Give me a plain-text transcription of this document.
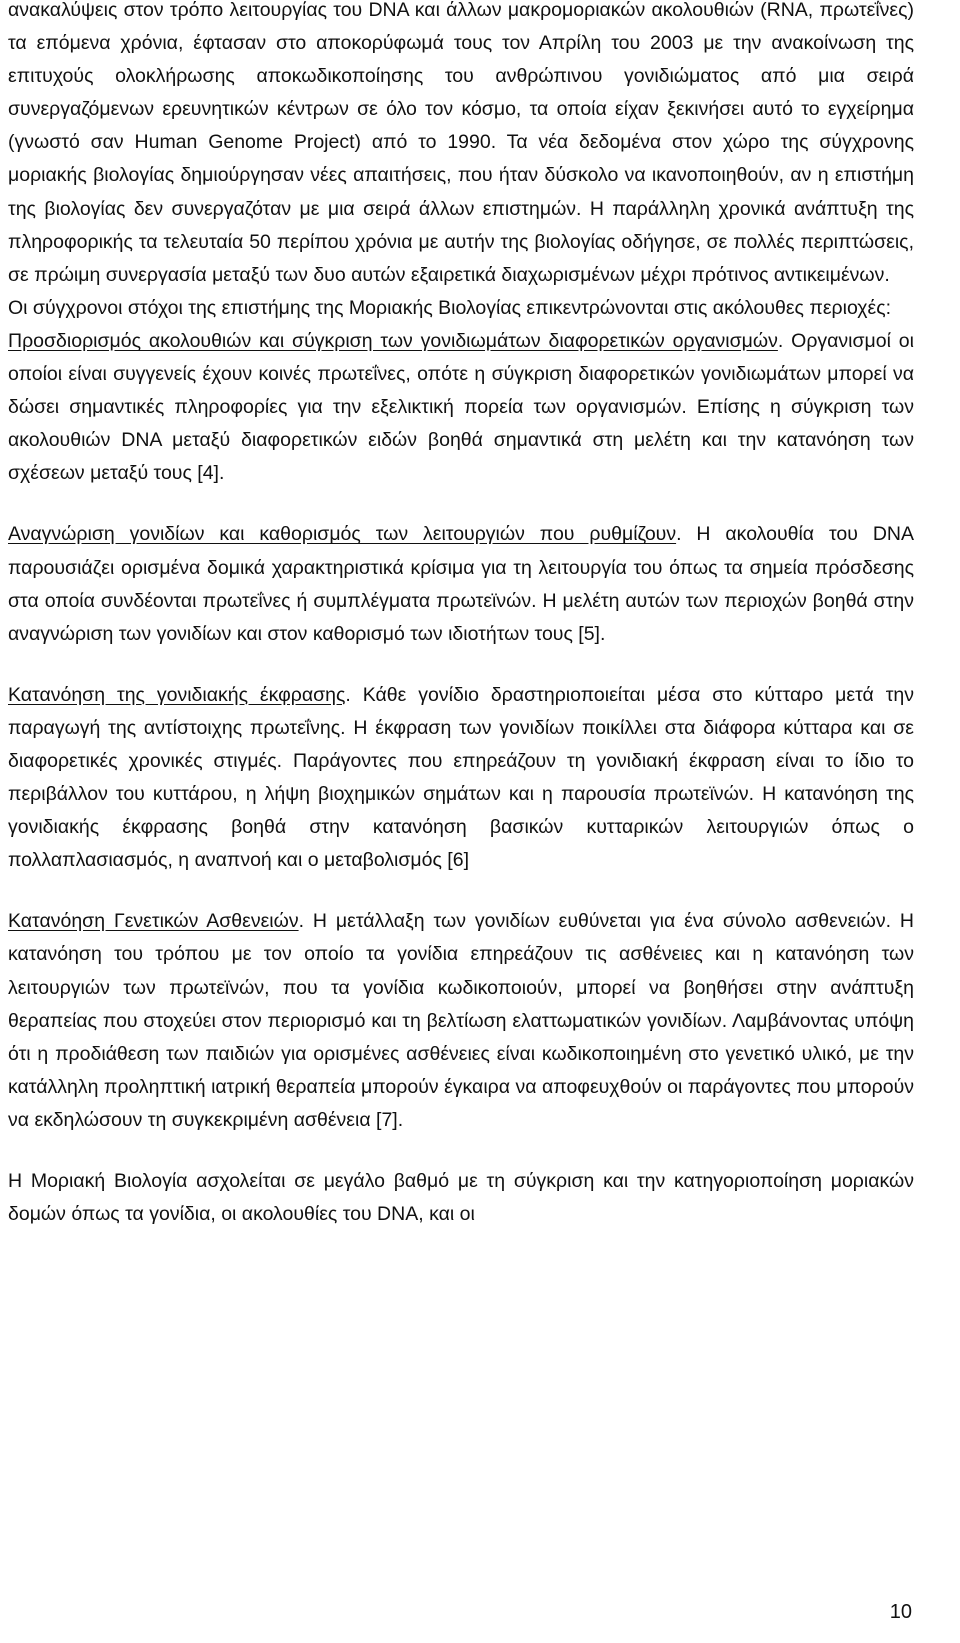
ανακαλύψεις στον τρόπο λειτουργίας του DNA και άλλων μακρομοριακών ακολουθιών (RNA, πρωτεΐνες) τα επόμενα χρόνια, έφτασαν στο αποκορύφωμά τους τον Απρίλη του 2003 με την ανακοίνωση της επιτυχούς ολοκλήρωσης αποκωδικοποίησης του ανθρώπινου γονιδιώματος από μια σειρά συνεργαζόμενων ερευνητικών κέντρων σε όλο τον κόσμο, τα οποία είχαν ξεκινήσει αυτό το εγχείρημα (γνωστό σαν Human Genome Project) από το 1990. Τα νέα δεδομένα στον χώρο της σύγχρονης μοριακής βιολογίας δημιούργησαν νέες απαιτήσεις, που ήταν δύσκολο να ικανοποιηθούν, αν η επιστήμη της βιολογίας δεν συνεργαζόταν με μια σειρά άλλων επιστημών. Η παράλληλη χρονικά ανάπτυξη της πληροφορικής τα τελευταία 50 περίπου χρόνια με αυτήν της βιολογίας οδήγησε, σε πολλές περιπτώσεις, σε πρώιμη συνεργασία μεταξύ των δυο αυτών εξαιρετικά διαχωρισμένων μέχρι πρότινος αντικειμένων.

Οι σύγχρονοι στόχοι της επιστήμης της Μοριακής Βιολογίας επικεντρώνονται στις ακόλουθες περιοχές:

Προσδιορισμός ακολουθιών και σύγκριση των γονιδιωμάτων διαφορετικών οργανισμών. Οργανισμοί οι οποίοι είναι συγγενείς έχουν κοινές πρωτεΐνες, οπότε η σύγκριση διαφορετικών γονιδιωμάτων μπορεί να δώσει σημαντικές πληροφορίες για την εξελικτική πορεία των οργανισμών. Επίσης η σύγκριση των ακολουθιών DNA μεταξύ διαφορετικών ειδών βοηθά σημαντικά στη μελέτη και την κατανόηση των σχέσεων μεταξύ τους [4].

Αναγνώριση γονιδίων και καθορισμός των λειτουργιών που ρυθμίζουν. Η ακολουθία του DNA παρουσιάζει ορισμένα δομικά χαρακτηριστικά κρίσιμα για τη λειτουργία του όπως τα σημεία πρόσδεσης στα οποία συνδέονται πρωτεΐνες ή συμπλέγματα πρωτεϊνών. Η μελέτη αυτών των περιοχών βοηθά στην αναγνώριση των γονιδίων και στον καθορισμό των ιδιοτήτων τους [5].

Κατανόηση της γονιδιακής έκφρασης. Κάθε γονίδιο δραστηριοποιείται μέσα στο κύτταρο μετά την παραγωγή της αντίστοιχης πρωτεΐνης. Η έκφραση των γονιδίων ποικίλλει στα διάφορα κύτταρα και σε διαφορετικές χρονικές στιγμές. Παράγοντες που επηρεάζουν τη γονιδιακή έκφραση είναι το ίδιο το περιβάλλον του κυττάρου, η λήψη βιοχημικών σημάτων και η παρουσία πρωτεϊνών. Η κατανόηση της γονιδιακής έκφρασης βοηθά στην κατανόηση βασικών κυτταρικών λειτουργιών όπως ο πολλαπλασιασμός, η αναπνοή και ο μεταβολισμός [6]

Κατανόηση Γενετικών Ασθενειών. Η μετάλλαξη των γονιδίων ευθύνεται για ένα σύνολο ασθενειών. Η κατανόηση του τρόπου με τον οποίο τα γονίδια επηρεάζουν τις ασθένειες και η κατανόηση των λειτουργιών των πρωτεϊνών, που τα γονίδια κωδικοποιούν, μπορεί να βοηθήσει στην ανάπτυξη θεραπείας που στοχεύει στον περιορισμό και τη βελτίωση ελαττωματικών γονιδίων. Λαμβάνοντας υπόψη ότι η προδιάθεση των παιδιών για ορισμένες ασθένειες είναι κωδικοποιημένη στο γενετικό υλικό, με την κατάλληλη προληπτική ιατρική θεραπεία μπορούν έγκαιρα να αποφευχθούν οι παράγοντες που μπορούν να εκδηλώσουν τη συγκεκριμένη ασθένεια [7].

Η Μοριακή Βιολογία ασχολείται σε μεγάλο βαθμό με τη σύγκριση και την κατηγοριοποίηση μοριακών δομών όπως τα γονίδια, οι ακολουθίες του DNA, και οι

10
